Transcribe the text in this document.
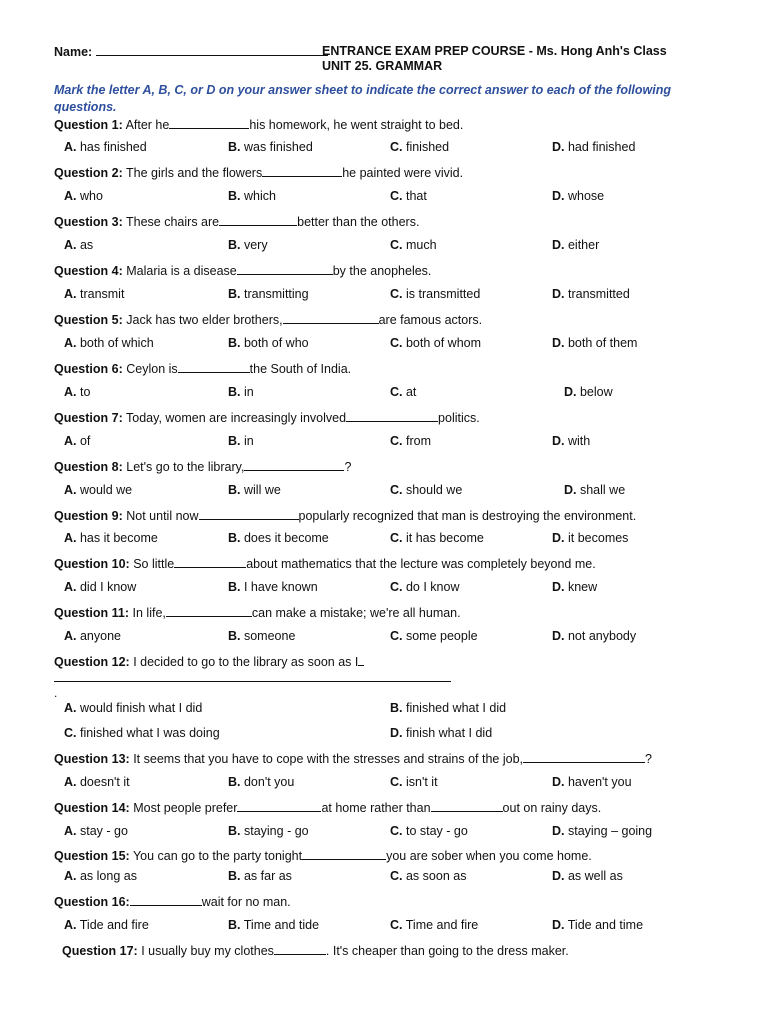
Name:	ENTRANCE EXAM PREP COURSE - Ms. Hong Anh's Class
UNIT 25. GRAMMAR
Mark the letter A, B, C, or D on your answer sheet to indicate the correct answer to each of the following questions.
Question 1: After he	his homework, he went straight to bed.
A. has finished	B. was finished	C. finished	D. had finished
Question 2: The girls and the flowers	he painted were vivid.
A. who	B. which	C. that	D. whose
Question 3: These chairs are	better than the others.
A. as	B. very	C. much	D. either
Question 4: Malaria is a disease	by the anopheles.
A. transmit	B. transmitting	C. is transmitted	D. transmitted
Question 5: Jack has two elder brothers,	are famous actors.
A. both of which	B. both of who	C. both of whom	D. both of them
Question 6: Ceylon is	the South of India.
A. to	B. in	C. at	D. below
Question 7: Today, women are increasingly involved	politics.
A. of	B. in	C. from	D. with
Question 8: Let's go to the library,	?
A. would we	B. will we	C. should we	D. shall we
Question 9: Not until now	popularly recognized that man is destroying the environment.
A. has it become	B. does it become	C. it has become	D. it becomes
Question 10: So little	about mathematics that the lecture was completely beyond me.
A. did I know	B. I have known	C. do I know	D. knew
Question 11: In life,	can make a mistake; we're all human.
A. anyone	B. someone	C. some people	D. not anybody
Question 12: I decided to go to the library as soon as I
.
A. would finish what I did	B. finished what I did
C. finished what I was doing	D. finish what I did
Question 13: It seems that you have to cope with the stresses and strains of the job,	?
A. doesn't it	B. don't you	C. isn't it	D. haven't you
Question 14: Most people prefer	at home rather than	out on rainy days.
A. stay - go	B. staying - go	C. to stay - go	D. staying – going
Question 15: You can go to the party tonight	you are sober when you come home.
A. as long as	B. as far as	C. as soon as	D. as well as
Question 16:	wait for no man.
A. Tide and fire	B. Time and tide	C. Time and fire	D. Tide and time
Question 17: I usually buy my clothes	. It's cheaper than going to the dress maker.
